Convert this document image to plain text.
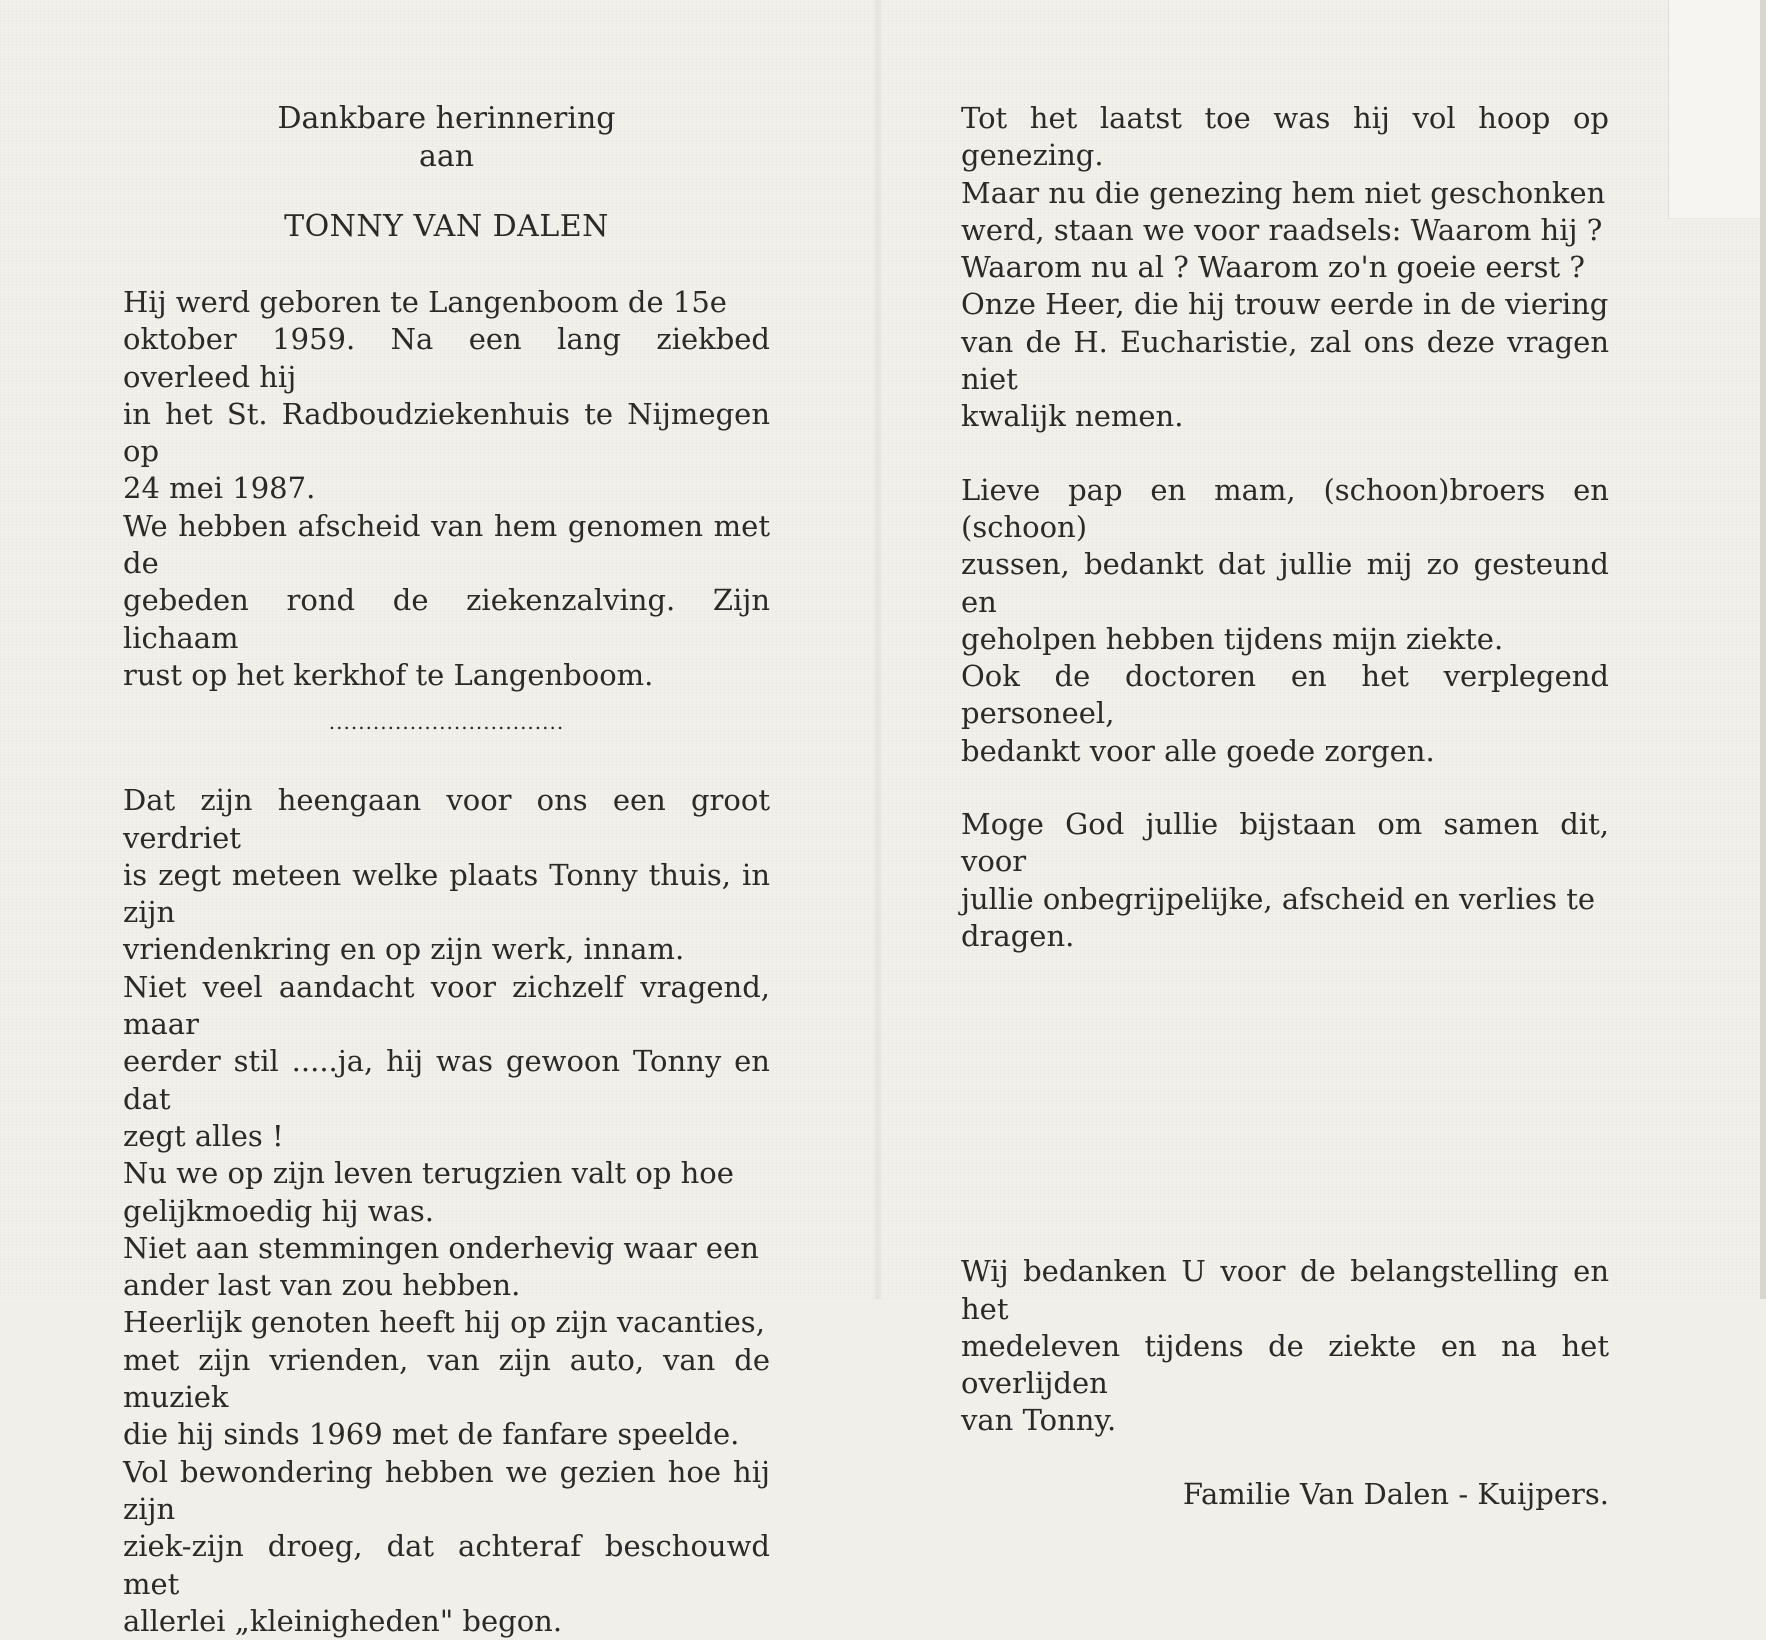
Dankbare herinnering
aan
TONNY VAN DALEN
Hij werd geboren te Langenboom de 15e
oktober 1959. Na een lang ziekbed overleed hij
in het St. Radboudziekenhuis te Nijmegen op
24 mei 1987.
We hebben afscheid van hem genomen met de
gebeden rond de ziekenzalving. Zijn lichaam
rust op het kerkhof te Langenboom.
................................
Dat zijn heengaan voor ons een groot verdriet
is zegt meteen welke plaats Tonny thuis, in zijn
vriendenkring en op zijn werk, innam.
Niet veel aandacht voor zichzelf vragend, maar
eerder stil .....ja, hij was gewoon Tonny en dat
zegt alles !
Nu we op zijn leven terugzien valt op hoe
gelijkmoedig hij was.
Niet aan stemmingen onderhevig waar een
ander last van zou hebben.
Heerlijk genoten heeft hij op zijn vacanties,
met zijn vrienden, van zijn auto, van de muziek
die hij sinds 1969 met de fanfare speelde.
Vol bewondering hebben we gezien hoe hij zijn
ziek-zijn droeg, dat achteraf beschouwd met
allerlei „kleinigheden" begon.
Tot het laatst toe was hij vol hoop op genezing.
Maar nu die genezing hem niet geschonken
werd, staan we voor raadsels: Waarom hij ?
Waarom nu al ? Waarom zo'n goeie eerst ?
Onze Heer, die hij trouw eerde in de viering
van de H. Eucharistie, zal ons deze vragen niet
kwalijk nemen.
Lieve pap en mam, (schoon)broers en (schoon)
zussen, bedankt dat jullie mij zo gesteund en
geholpen hebben tijdens mijn ziekte.
Ook de doctoren en het verplegend personeel,
bedankt voor alle goede zorgen.
Moge God jullie bijstaan om samen dit, voor
jullie onbegrijpelijke, afscheid en verlies te
dragen.
Wij bedanken U voor de belangstelling en het
medeleven tijdens de ziekte en na het overlijden
van Tonny.
Familie Van Dalen - Kuijpers.
